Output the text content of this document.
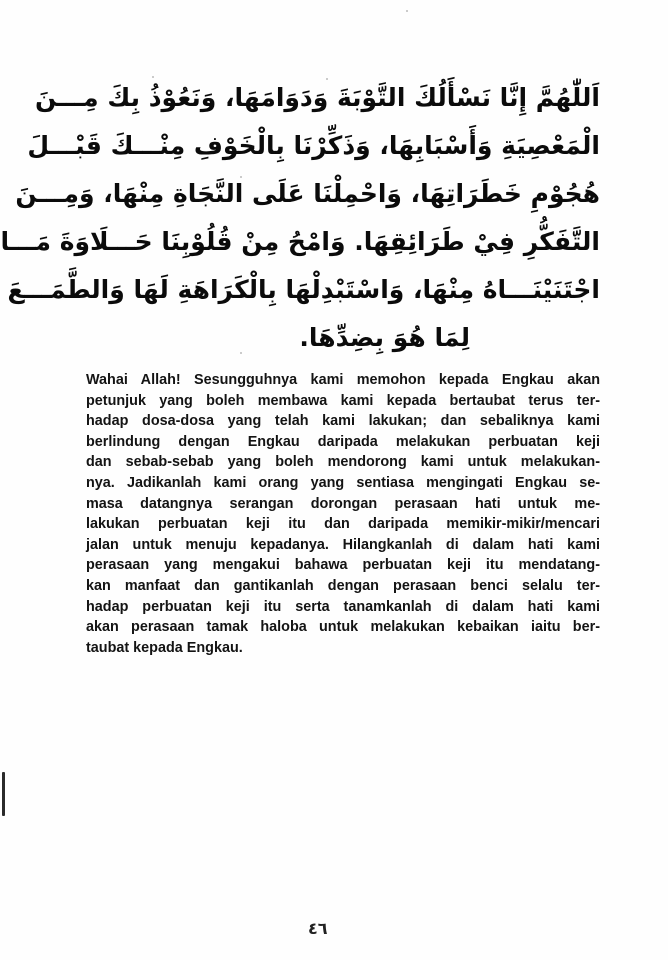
اَللّٰهُمَّ إِنَّا نَسْأَلُكَ التَّوْبَةَ وَدَوَامَهَا، وَنَعُوْذُ بِكَ مِـــنَ
الْمَعْصِيَةِ وَأَسْبَابِهَا، وَذَكِّرْنَا بِالْخَوْفِ مِنْـــكَ قَبْـــلَ
هُجُوْمِ خَطَرَاتِهَا، وَاحْمِلْنَا عَلَى النَّجَاةِ مِنْهَا، وَمِـــنَ
التَّفَكُّرِ فِيْ طَرَائِقِهَا. وَامْحُ مِنْ قُلُوْبِنَا حَـــلَاوَةَ مَـــا
اجْتَنَيْنَـــاهُ مِنْهَا، وَاسْتَبْدِلْهَا بِالْكَرَاهَةِ لَهَا وَالطَّمَـــعَ
لِمَا هُوَ بِضِدِّهَا.
Wahai Allah! Sesungguhnya kami memohon kepada Engkau akan
petunjuk yang boleh membawa kami kepada bertaubat terus ter-
hadap dosa-dosa yang telah kami lakukan; dan sebaliknya kami
berlindung dengan Engkau daripada melakukan perbuatan keji
dan sebab-sebab yang boleh mendorong kami untuk melakukan-
nya. Jadikanlah kami orang yang sentiasa mengingati Engkau se-
masa datangnya serangan dorongan perasaan hati untuk me-
lakukan perbuatan keji itu dan daripada memikir-mikir/mencari
jalan untuk menuju kepadanya. Hilangkanlah di dalam hati kami
perasaan yang mengakui bahawa perbuatan keji itu mendatang-
kan manfaat dan gantikanlah dengan perasaan benci selalu ter-
hadap perbuatan keji itu serta tanamkanlah di dalam hati kami
akan perasaan tamak haloba untuk melakukan kebaikan iaitu ber-
taubat kepada Engkau.
٤٦
